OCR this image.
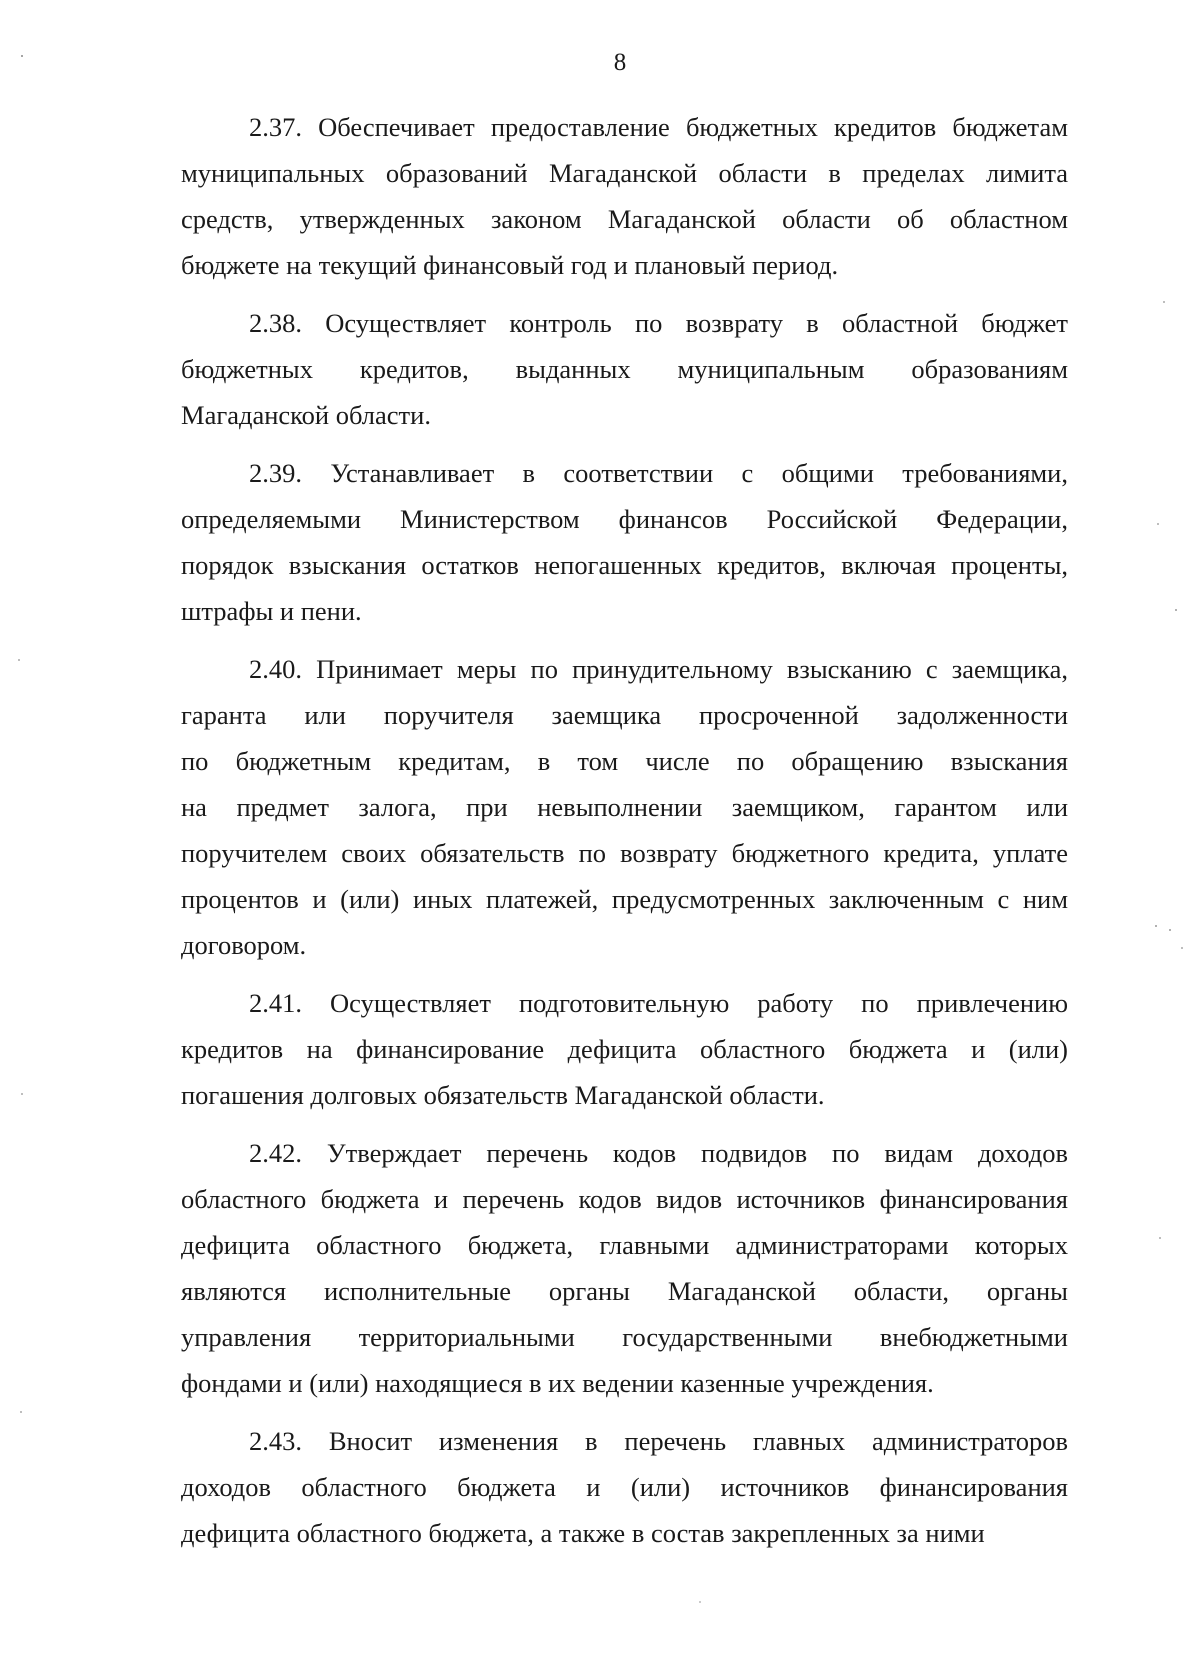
8
2.37. Обеспечивает предоставление бюджетных кредитов бюджетам
муниципальных образований Магаданской области в пределах лимита
средств, утвержденных законом Магаданской области об областном
бюджете на текущий финансовый год и плановый период.
2.38. Осуществляет контроль по возврату в областной бюджет
бюджетных кредитов, выданных муниципальным образованиям
Магаданской области.
2.39. Устанавливает в соответствии с общими требованиями,
определяемыми Министерством финансов Российской Федерации,
порядок взыскания остатков непогашенных кредитов, включая проценты,
штрафы и пени.
2.40. Принимает меры по принудительному взысканию с заемщика,
гаранта или поручителя заемщика просроченной задолженности
по бюджетным кредитам, в том числе по обращению взыскания
на предмет залога, при невыполнении заемщиком, гарантом или
поручителем своих обязательств по возврату бюджетного кредита, уплате
процентов и (или) иных платежей, предусмотренных заключенным с ним
договором.
2.41. Осуществляет подготовительную работу по привлечению
кредитов на финансирование дефицита областного бюджета и (или)
погашения долговых обязательств Магаданской области.
2.42. Утверждает перечень кодов подвидов по видам доходов
областного бюджета и перечень кодов видов источников финансирования
дефицита областного бюджета, главными администраторами которых
являются исполнительные органы Магаданской области, органы
управления территориальными государственными внебюджетными
фондами и (или) находящиеся в их ведении казенные учреждения.
2.43. Вносит изменения в перечень главных администраторов
доходов областного бюджета и (или) источников финансирования
дефицита областного бюджета, а также в состав закрепленных за ними
